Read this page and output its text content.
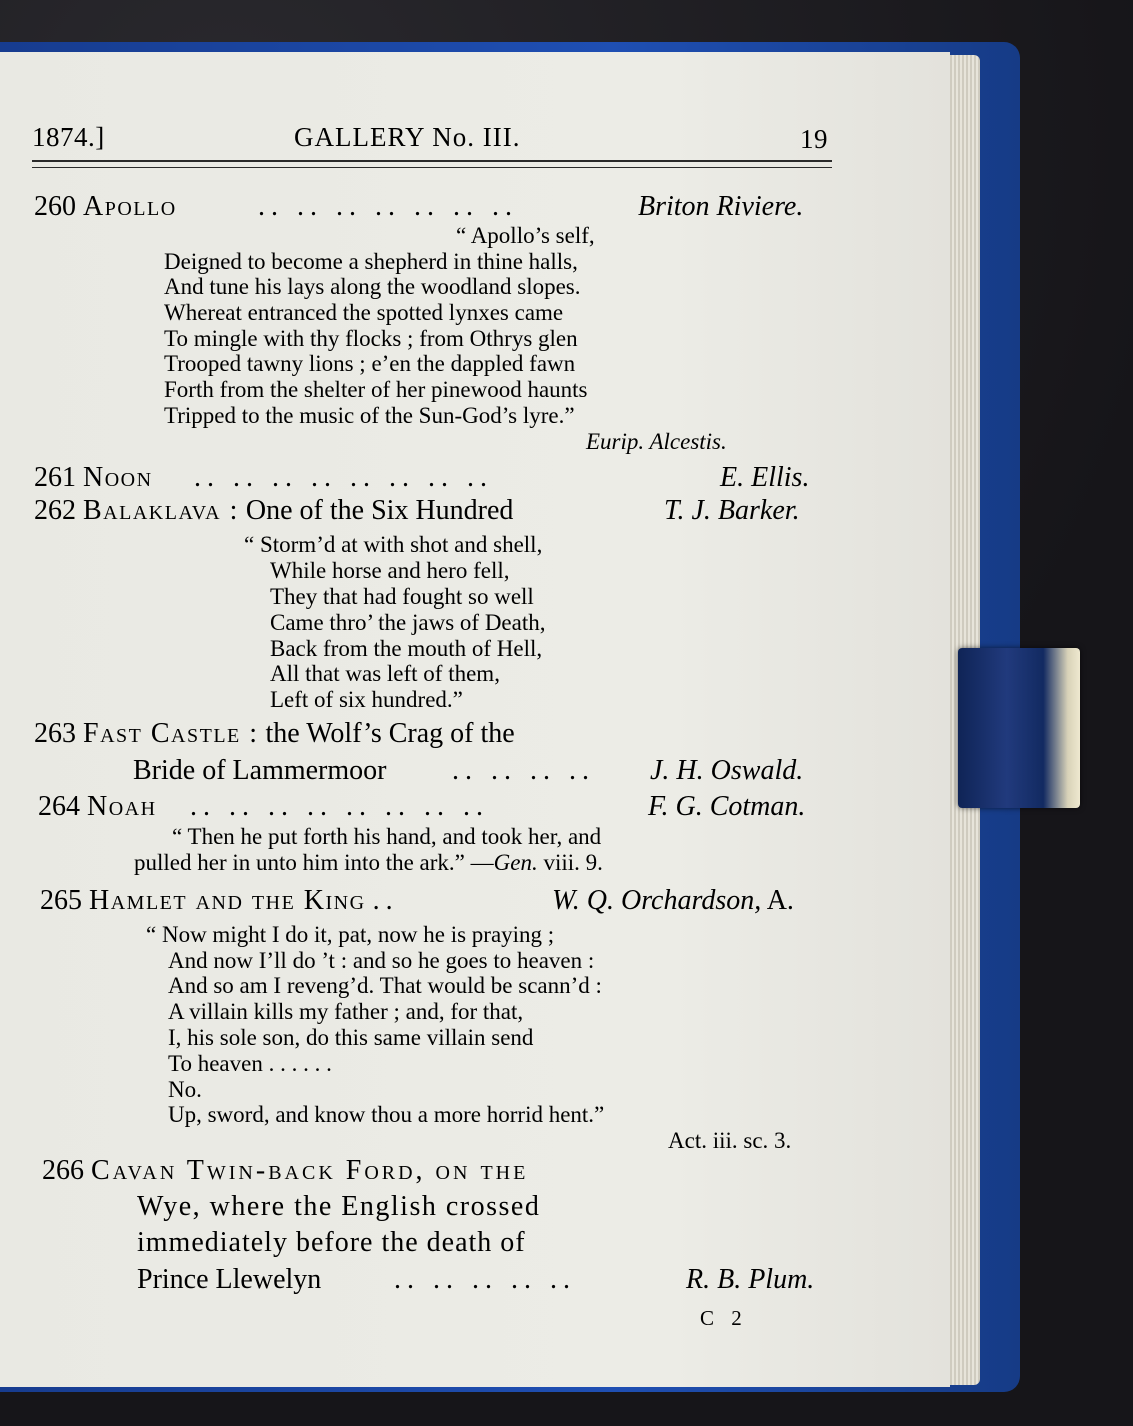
1874.]	GALLERY No. III.	19
260 Apollo	.. .. .. .. .. .. ..	Briton Riviere.
“ Apollo’s self,
Deigned to become a shepherd in thine halls,
And tune his lays along the woodland slopes.
Whereat entranced the spotted lynxes came
To mingle with thy flocks ; from Othrys glen
Trooped tawny lions ; e’en the dappled fawn
Forth from the shelter of her pinewood haunts
Tripped to the music of the Sun-God’s lyre.”
Eurip. Alcestis.
261 Noon .. .. .. .. .. .. .. ..	E. Ellis.
262 Balaklava : One of the Six Hundred	T. J. Barker.
“ Storm’d at with shot and shell,
While horse and hero fell,
They that had fought so well
Came thro’ the jaws of Death,
Back from the mouth of Hell,
All that was left of them,
Left of six hundred.”
263 Fast Castle : the Wolf’s Crag of the
Bride of Lammermoor .. .. .. .. J. H. Oswald.
264 Noah .. .. .. .. .. .. .. ..	F. G. Cotman.
“ Then he put forth his hand, and took her, and
pulled her in unto him into the ark.” —Gen. viii. 9.
265 Hamlet and the King ..	W. Q. Orchardson, A.
“ Now might I do it, pat, now he is praying ;
And now I’ll do ’t : and so he goes to heaven :
And so am I reveng’d. That would be scann’d :
A villain kills my father ; and, for that,
I, his sole son, do this same villain send
To heaven . . . . . .
No.
Up, sword, and know thou a more horrid hent.”
Act. iii. sc. 3.
266 Cavan Twin-back Ford, on the
Wye, where the English crossed
immediately before the death of
Prince Llewelyn	.. .. .. .. ..	R. B. Plum.
C 2
